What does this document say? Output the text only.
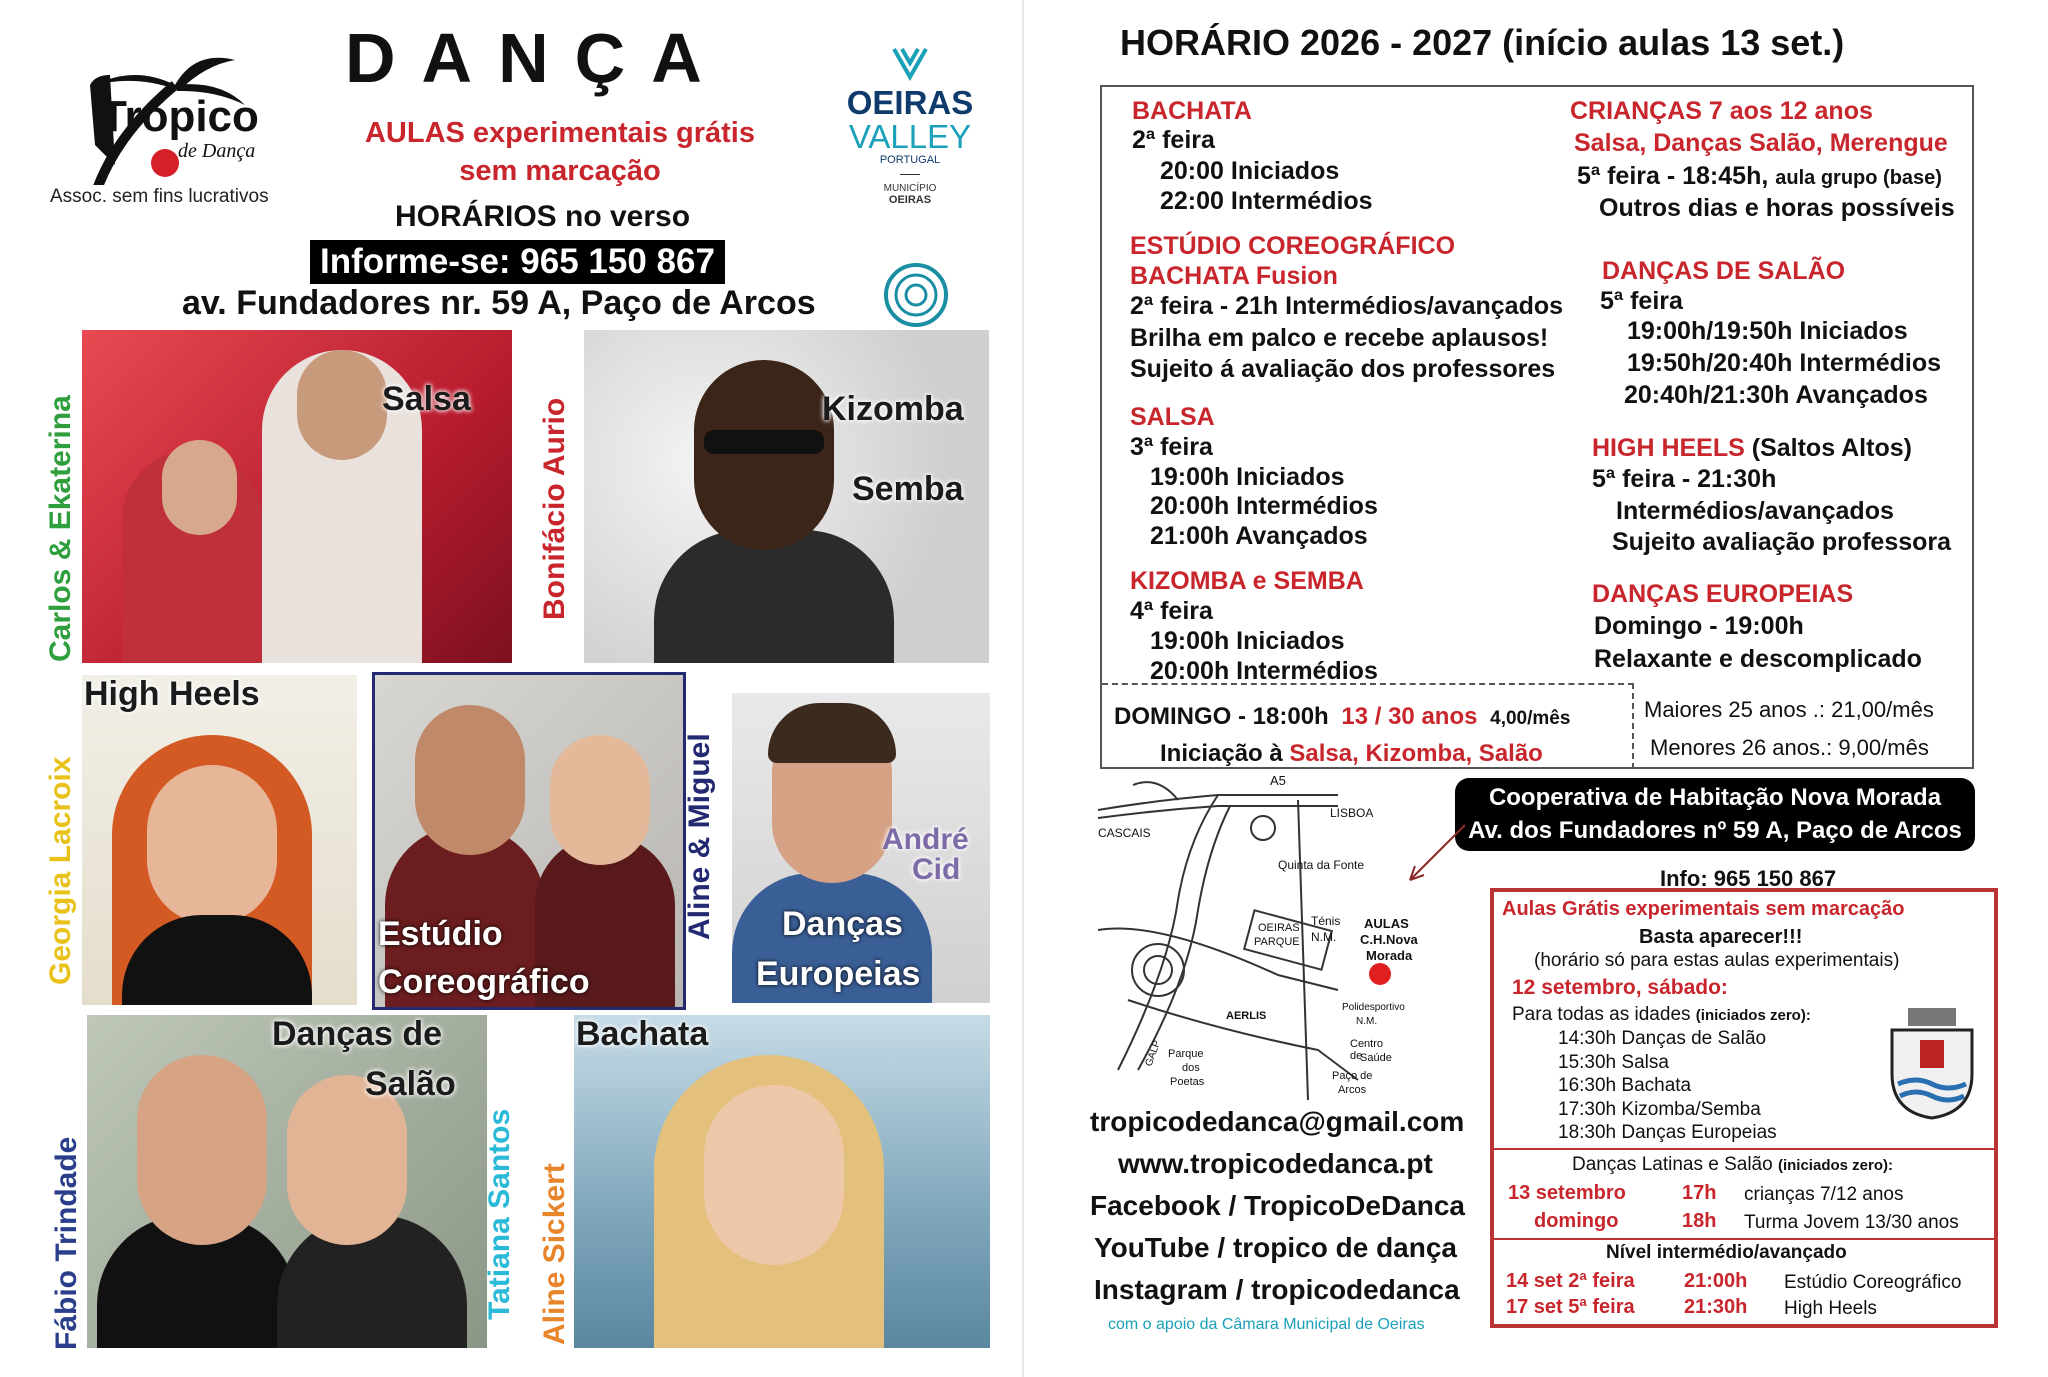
Trópico
de Dança
Assoc. sem fins lucrativos
DANÇA
AULAS experimentais grátis
sem marcação
HORÁRIOS no verso
Informe-se: 965 150 867
av. Fundadores nr. 59 A, Paço de Arcos
OEIRAS
VALLEY
PORTUGAL
MUNICÍPIO
OEIRAS
Salsa
Carlos & Ekaterina	Kizomba
Semba
Bonifácio Aurio
High Heels
Georgia Lacroix	Estúdio
Coreográfico
Aline & Miguel Danças
Europeias
André
Cid
Danças de
Salão
Fábio Trindade	Tatiana Santos
Bachata
Aline Sickert
HORÁRIO 2026 - 2027 (início aulas 13 set.)
BACHATA
2ª feira
20:00 Iniciados
22:00 Intermédios
ESTÚDIO COREOGRÁFICO
BACHATA Fusion
2ª feira - 21h Intermédios/avançados
Brilha em palco e recebe aplausos!
Sujeito á avaliação dos professores
SALSA
3ª feira
19:00h Iniciados
20:00h Intermédios
21:00h Avançados
KIZOMBA e SEMBA
4ª feira
19:00h Iniciados
20:00h Intermédios
CRIANÇAS 7 aos 12 anos
Salsa, Danças Salão, Merengue
5ª feira - 18:45h, aula grupo (base)
Outros dias e horas possíveis
DANÇAS DE SALÃO
5ª feira
19:00h/19:50h Iniciados
19:50h/20:40h Intermédios
20:40h/21:30h Avançados
HIGH HEELS (Saltos Altos)
5ª feira - 21:30h
Intermédios/avançados
Sujeito avaliação professora
DANÇAS EUROPEIAS
Domingo - 19:00h
Relaxante e descomplicado
DOMINGO - 18:00h 13 / 30 anos 4,00/mês
Iniciação à Salsa, Kizomba, Salão
Maiores 25 anos .: 21,00/mês
Menores 26 anos.: 9,00/mês
A5
CASCAIS
LISBOA
Quinta da Fonte
Ténis
N.M.
AULAS
C.H.Nova
Morada
OEIRAS
PARQUE
AERLIS
Polidesportivo
N.M.
Centro de
Saúde
Paço de
Arcos
Parque
dos
Poetas
GALP
Cooperativa de Habitação Nova Morada
Av. dos Fundadores nº 59 A, Paço de Arcos
Info: 965 150 867
tropicodedanca@gmail.com
www.tropicodedanca.pt
Facebook / TropicoDeDanca
YouTube / tropico de dança
Instagram / tropicodedanca
com o apoio da Câmara Municipal de Oeiras
Aulas Grátis experimentais sem marcação
Basta aparecer!!!
(horário só para estas aulas experimentais)
12 setembro, sábado:
Para todas as idades (iniciados zero):
14:30h Danças de Salão
15:30h Salsa
16:30h Bachata
17:30h Kizomba/Semba
18:30h Danças Europeias
Danças Latinas e Salão (iniciados zero):
13 setembro	17h crianças 7/12 anos
domingo	18h Turma Jovem 13/30 anos
Nível intermédio/avançado
14 set 2ª feira 21:00h Estúdio Coreográfico
17 set 5ª feira 21:30h High Heels
